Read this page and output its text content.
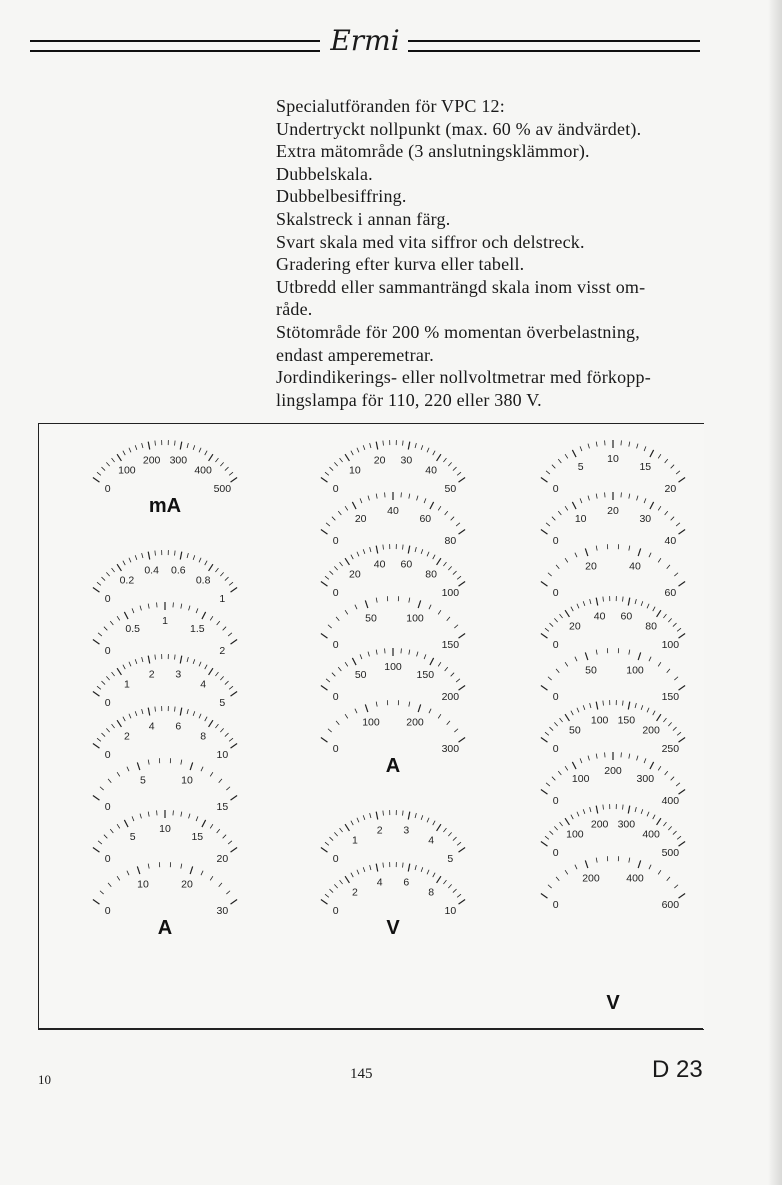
Ermi
Specialutföranden för VPC 12:
Undertryckt nollpunkt (max. 60 % av ändvärdet).
Extra mätområde (3 anslutningsklämmor).
Dubbelskala.
Dubbelbesiffring.
Skalstreck i annan färg.
Svart skala med vita siffror och delstreck.
Gradering efter kurva eller tabell.
Utbredd eller sammanträngd skala inom visst om-
råde.
Stötområde för 200 % momentan överbelastning,
endast amperemetrar.
Jordindikerings- eller nollvoltmetrar med förkopp-
lingslampa för 110, 220 eller 380 V.
0
100
200 300
400
500
mA
0
0.2
0.4 0.6
0.8
1
0
0.5
1
1.5
2
0
1
2 3
4
5
0
2
4 6
8
10
0
5	10
15
0
5
10
15
20
0
10	20
30
A
0
10
20 30
40
50
0
20
40
60
80
0
20
40 60
80
100
0
50	100
150
0
50
100
150
200
0
100	200
300
A
0
1
2 3
4
5
0
2
4 6
8
10
V
0
5
10
15
20
0
10
20
30
40
0
20	40
60
0
20
40 60
80
100
0
50	100
150
0
50
100 150
200
250
0
100
200
300
400
0
100
200 300
400
500
0
200	400
600
V
10	145	D 23
